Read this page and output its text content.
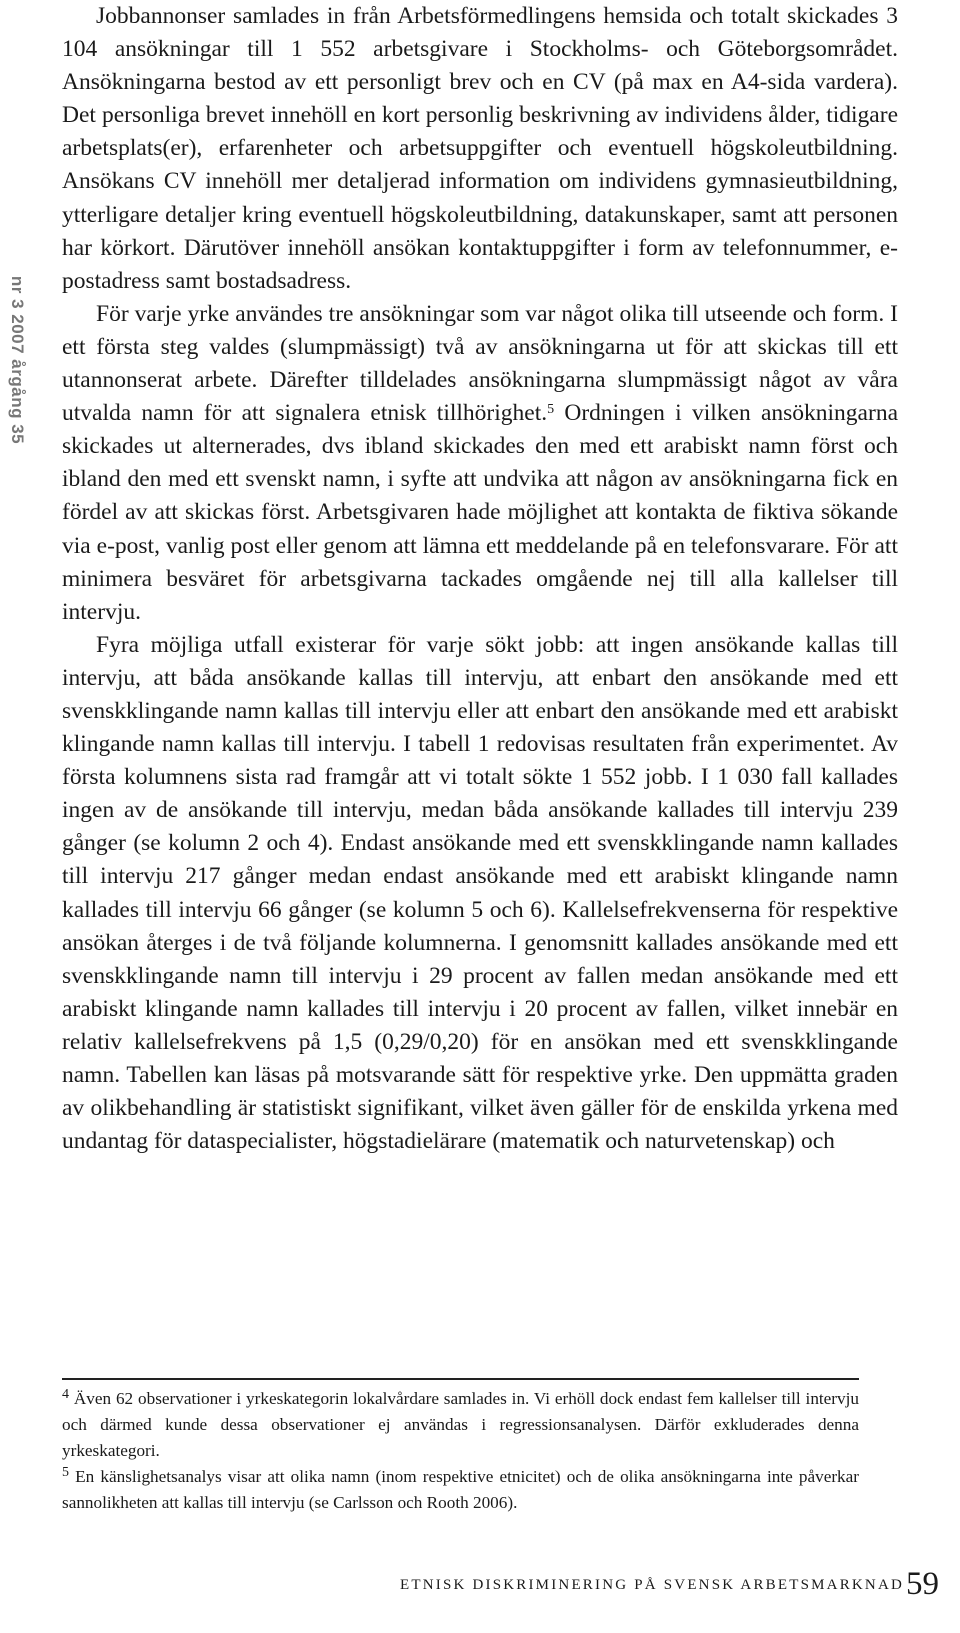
nr 3 2007 årgång 35

Jobbannonser samlades in från Arbetsförmedlingens hemsida och totalt skickades 3 104 ansökningar till 1 552 arbetsgivare i Stockholms- och Göteborgsområdet. Ansökningarna bestod av ett personligt brev och en CV (på max en A4-sida vardera). Det personliga brevet innehöll en kort personlig beskrivning av individens ålder, tidigare arbetsplats(er), erfarenheter och arbetsuppgifter och eventuell högskoleutbildning. Ansökans CV innehöll mer detaljerad information om individens gymnasieutbildning, ytterligare detaljer kring eventuell högskoleutbildning, datakunskaper, samt att personen har körkort. Därutöver innehöll ansökan kontaktuppgifter i form av telefonnummer, e-postadress samt bostadsadress.

För varje yrke användes tre ansökningar som var något olika till utseende och form. I ett första steg valdes (slumpmässigt) två av ansökningarna ut för att skickas till ett utannonserat arbete. Därefter tilldelades ansökningarna slumpmässigt något av våra utvalda namn för att signalera etnisk tillhörighet.$^5$ Ordningen i vilken ansökningarna skickades ut alternerades, dvs ibland skickades den med ett arabiskt namn först och ibland den med ett svenskt namn, i syfte att undvika att någon av ansökningarna fick en fördel av att skickas först. Arbetsgivaren hade möjlighet att kontakta de fiktiva sökande via e-post, vanlig post eller genom att lämna ett meddelande på en telefonsvarare. För att minimera besväret för arbetsgivarna tackades omgående nej till alla kallelser till intervju.

Fyra möjliga utfall existerar för varje sökt jobb: att ingen ansökande kallas till intervju, att båda ansökande kallas till intervju, att enbart den ansökande med ett svenskklingande namn kallas till intervju eller att enbart den ansökande med ett arabiskt klingande namn kallas till intervju. I tabell 1 redovisas resultaten från experimentet. Av första kolumnens sista rad framgår att vi totalt sökte 1 552 jobb. I 1 030 fall kallades ingen av de ansökande till intervju, medan båda ansökande kallades till intervju 239 gånger (se kolumn 2 och 4). Endast ansökande med ett svenskklingande namn kallades till intervju 217 gånger medan endast ansökande med ett arabiskt klingande namn kallades till intervju 66 gånger (se kolumn 5 och 6). Kallelsefrekvenserna för respektive ansökan återges i de två följande kolumnerna. I genomsnitt kallades ansökande med ett svenskklingande namn till intervju i 29 procent av fallen medan ansökande med ett arabiskt klingande namn kallades till intervju i 20 procent av fallen, vilket innebär en relativ kallelsefrekvens på 1,5 (0,29/0,20) för en ansökan med ett svenskklingande namn. Tabellen kan läsas på motsvarande sätt för respektive yrke. Den uppmätta graden av olikbehandling är statistiskt signifikant, vilket även gäller för de enskilda yrkena med undantag för dataspecialister, högstadielärare (matematik och naturvetenskap) och

$^4$ Även 62 observationer i yrkeskategorin lokalvårdare samlades in. Vi erhöll dock endast fem kallelser till intervju och därmed kunde dessa observationer ej användas i regressionsanalysen. Därför exkluderades denna yrkeskategori.

$^5$ En känslighetsanalys visar att olika namn (inom respektive etnicitet) och de olika ansökningarna inte påverkar sannolikheten att kallas till intervju (se Carlsson och Rooth 2006).

ETNISK DISKRIMINERING PÅ SVENSK ARBETSMARKNAD 59
